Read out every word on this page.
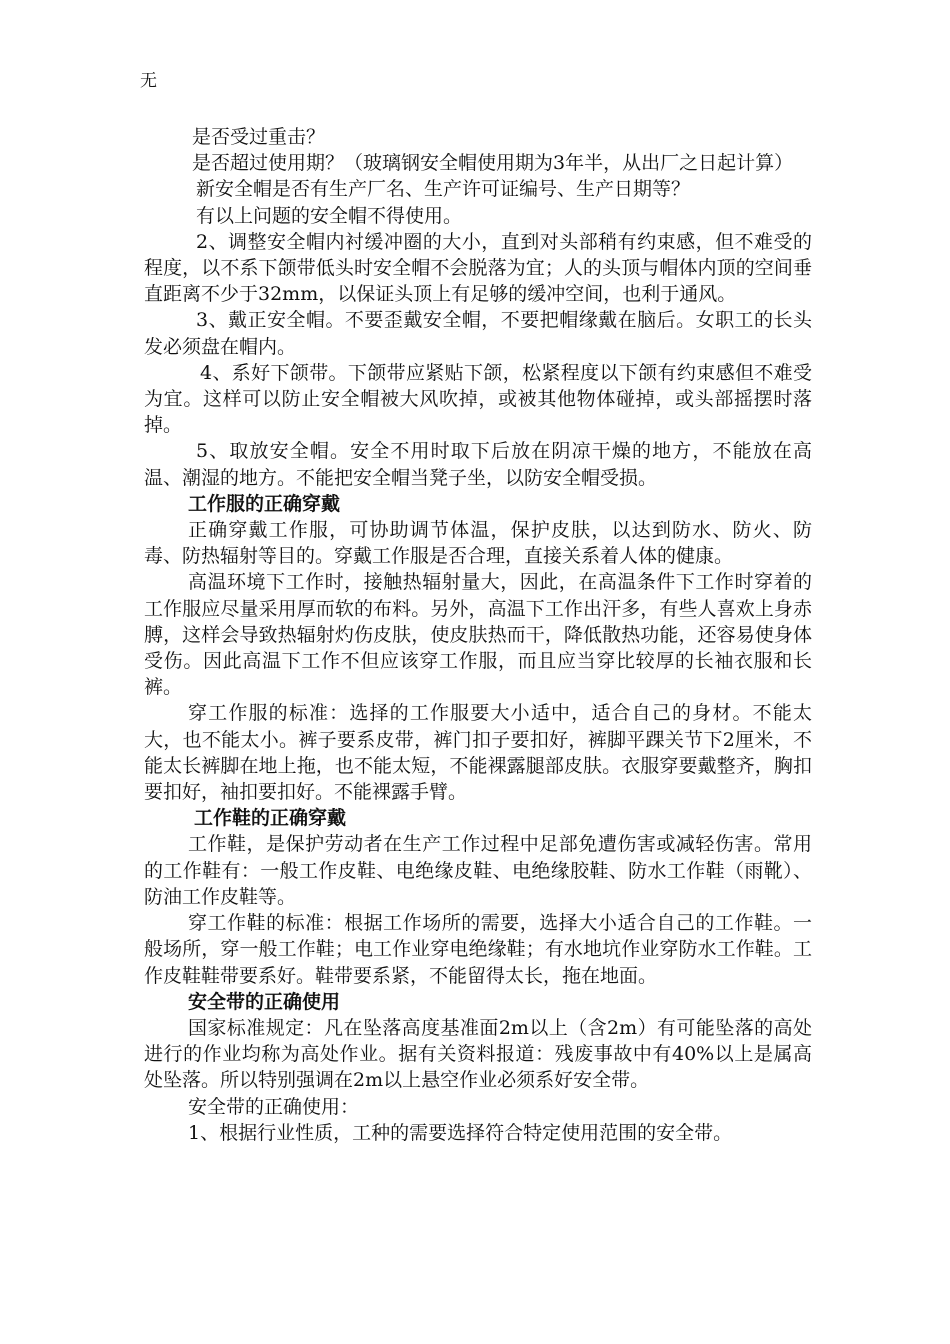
无

是否受过重击？

是否超过使用期？（玻璃钢安全帽使用期为3年半，从出厂之日起计算）

新安全帽是否有生产厂名、生产许可证编号、生产日期等？

有以上问题的安全帽不得使用。

2、调整安全帽内衬缓冲圈的大小，直到对头部稍有约束感，但不难受的程度，以不系下颌带低头时安全帽不会脱落为宜；人的头顶与帽体内顶的空间垂直距离不少于32mm，以保证头顶上有足够的缓冲空间，也利于通风。

3、戴正安全帽。不要歪戴安全帽，不要把帽缘戴在脑后。女职工的长头发必须盘在帽内。

4、系好下颌带。下颌带应紧贴下颌，松紧程度以下颌有约束感但不难受为宜。这样可以防止安全帽被大风吹掉，或被其他物体碰掉，或头部摇摆时落掉。

5、取放安全帽。安全不用时取下后放在阴凉干燥的地方，不能放在高温、潮湿的地方。不能把安全帽当凳子坐，以防安全帽受损。

工作服的正确穿戴

正确穿戴工作服，可协助调节体温，保护皮肤，以达到防水、防火、防毒、防热辐射等目的。穿戴工作服是否合理，直接关系着人体的健康。

高温环境下工作时，接触热辐射量大，因此，在高温条件下工作时穿着的工作服应尽量采用厚而软的布料。另外，高温下工作出汗多，有些人喜欢上身赤膊，这样会导致热辐射灼伤皮肤，使皮肤热而干，降低散热功能，还容易使身体受伤。因此高温下工作不但应该穿工作服，而且应当穿比较厚的长袖衣服和长裤。

穿工作服的标准：选择的工作服要大小适中，适合自己的身材。不能太大，也不能太小。裤子要系皮带，裤门扣子要扣好，裤脚平踝关节下2厘米，不能太长裤脚在地上拖，也不能太短，不能裸露腿部皮肤。衣服穿要戴整齐，胸扣要扣好，袖扣要扣好。不能裸露手臂。

工作鞋的正确穿戴

工作鞋，是保护劳动者在生产工作过程中足部免遭伤害或减轻伤害。常用的工作鞋有：一般工作皮鞋、电绝缘皮鞋、电绝缘胶鞋、防水工作鞋（雨靴）、防油工作皮鞋等。

穿工作鞋的标准：根据工作场所的需要，选择大小适合自己的工作鞋。一般场所，穿一般工作鞋；电工作业穿电绝缘鞋；有水地坑作业穿防水工作鞋。工作皮鞋鞋带要系好。鞋带要系紧，不能留得太长，拖在地面。

安全带的正确使用

国家标准规定：凡在坠落高度基准面2m以上（含2m）有可能坠落的高处进行的作业均称为高处作业。据有关资料报道：残废事故中有40%以上是属高处坠落。所以特别强调在2m以上悬空作业必须系好安全带。

安全带的正确使用：

1、根据行业性质，工种的需要选择符合特定使用范围的安全带。
